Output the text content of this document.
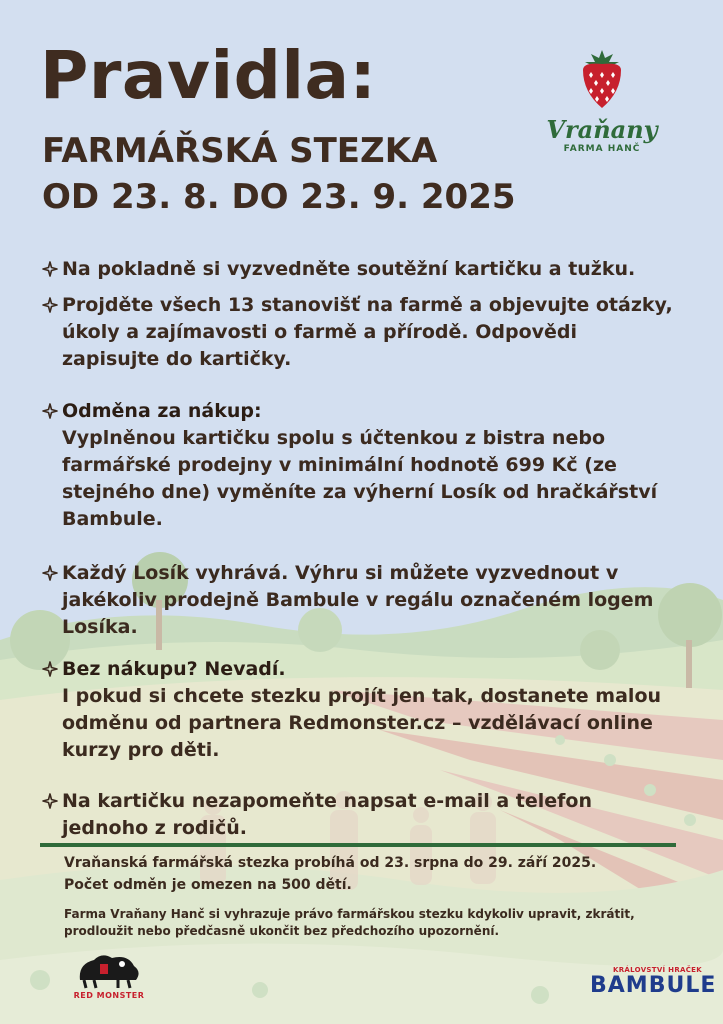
Pravidla:
FARMÁŘSKÁ STEZKA
OD 23. 8. DO 23. 9. 2025
Vraňany
FARMA HANČ
Na pokladně si vyzvedněte soutěžní kartičku a tužku.
Projděte všech 13 stanovišť na farmě a objevujte otázky, úkoly a zajímavosti o farmě a přírodě. Odpovědi zapisujte do kartičky.
Odměna za nákup:
Vyplněnou kartičku spolu s účtenkou z bistra nebo farmářské prodejny v minimální hodnotě 699 Kč (ze stejného dne) vyměníte za výherní Losík od hračkářství Bambule.
Každý Losík vyhrává. Výhru si můžete vyzvednout v jakékoliv prodejně Bambule v regálu označeném logem Losíka.
Bez nákupu? Nevadí.
I pokud si chcete stezku projít jen tak, dostanete malou odměnu od partnera Redmonster.cz – vzdělávací online kurzy pro děti.
Na kartičku nezapomeňte napsat e-mail a telefon jednoho z rodičů.
Vraňanská farmářská stezka probíhá od 23. srpna do 29. září 2025.
Počet odměn je omezen na 500 dětí.
Farma Vraňany Hanč si vyhrazuje právo farmářskou stezku kdykoliv upravit, zkrátit, prodloužit nebo předčasně ukončit bez předchozího upozornění.
RED MONSTER
KRÁLOVSTVÍ HRAČEK
BAMBULE
